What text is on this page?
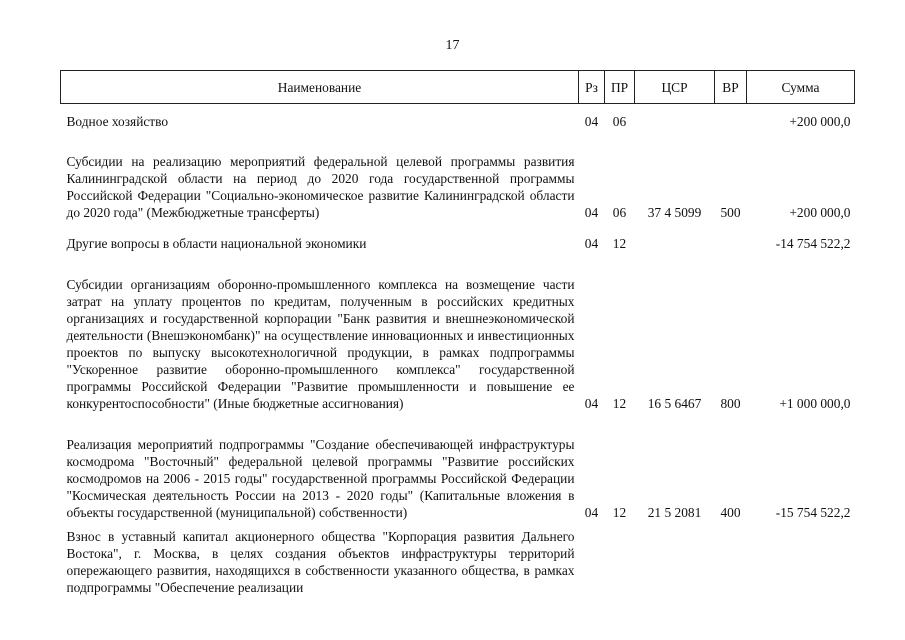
17
Наименование	Рз	ПР	ЦСР	ВР	Сумма
Водное хозяйство	04	06			+200 000,0

Субсидии на реализацию мероприятий федеральной целевой программы развития Калининградской области на период до 2020 года государственной программы Российской Федерации "Социально-экономическое развитие Калининградской области до 2020 года" (Межбюджетные трансферты)	04	06	37 4 5099	500	+200 000,0

Другие вопросы в области национальной экономики	04	12			-14 754 522,2

Субсидии организациям оборонно-промышленного комплекса на возмещение части затрат на уплату процентов по кредитам, полученным в российских кредитных организациях и государственной корпорации "Банк развития и внешнеэкономической деятельности (Внешэкономбанк)" на осуществление инновационных и инвестиционных проектов по выпуску высокотехнологичной продукции, в рамках подпрограммы "Ускоренное развитие оборонно-промышленного комплекса" государственной программы Российской Федерации "Развитие промышленности и повышение ее конкурентоспособности" (Иные бюджетные ассигнования)	04	12	16 5 6467	800	+1 000 000,0

Реализация мероприятий подпрограммы "Создание обеспечивающей инфраструктуры космодрома "Восточный" федеральной целевой программы "Развитие российских космодромов на 2006 - 2015 годы" государственной программы Российской Федерации "Космическая деятельность России на 2013 - 2020 годы" (Капитальные вложения в объекты государственной (муниципальной) собственности)	04	12	21 5 2081	400	-15 754 522,2

Взнос в уставный капитал акционерного общества "Корпорация развития Дальнего Востока", г. Москва, в целях создания объектов инфраструктуры территорий опережающего развития, находящихся в собственности указанного общества, в рамках подпрограммы "Обеспечение реализации					
